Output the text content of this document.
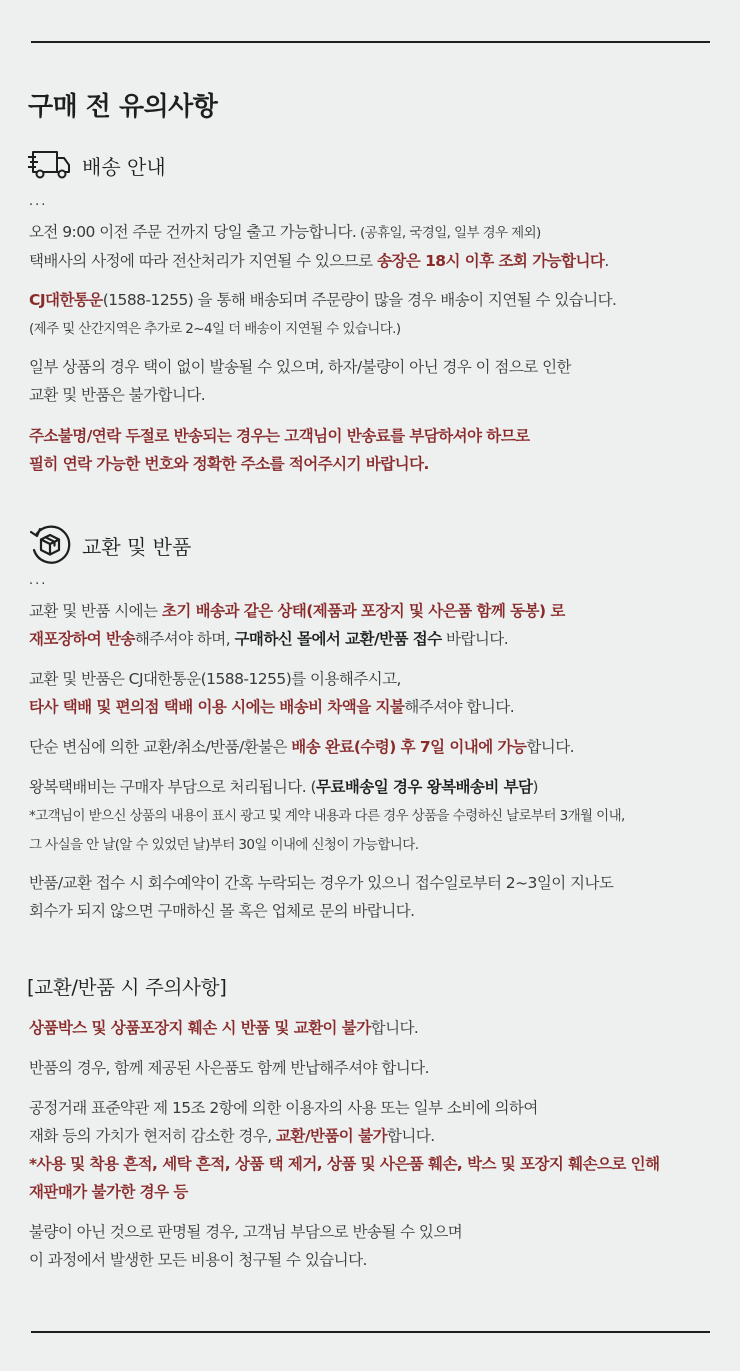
구매 전 유의사항
배송 안내
···

오전 9:00 이전 주문 건까지 당일 출고 가능합니다. (공휴일, 국경일, 일부 경우 제외)
택배사의 사정에 따라 전산처리가 지연될 수 있으므로 송장은 18시 이후 조회 가능합니다.

CJ대한통운(1588-1255) 을 통해 배송되며 주문량이 많을 경우 배송이 지연될 수 있습니다.
(제주 및 산간지역은 추가로 2~4일 더 배송이 지연될 수 있습니다.)

일부 상품의 경우 택이 없이 발송될 수 있으며, 하자/불량이 아닌 경우 이 점으로 인한
교환 및 반품은 불가합니다.

주소불명/연락 두절로 반송되는 경우는 고객님이 반송료를 부담하셔야 하므로
필히 연락 가능한 번호와 정확한 주소를 적어주시기 바랍니다.

교환 및 반품
···

교환 및 반품 시에는 초기 배송과 같은 상태(제품과 포장지 및 사은품 함께 동봉) 로
재포장하여 반송해주셔야 하며, 구매하신 몰에서 교환/반품 접수 바랍니다.

교환 및 반품은 CJ대한통운(1588-1255)를 이용해주시고,
타사 택배 및 편의점 택배 이용 시에는 배송비 차액을 지불해주셔야 합니다.

단순 변심에 의한 교환/취소/반품/환불은 배송 완료(수령) 후 7일 이내에 가능합니다.

왕복택배비는 구매자 부담으로 처리됩니다. (무료배송일 경우 왕복배송비 부담)
*고객님이 받으신 상품의 내용이 표시 광고 및 계약 내용과 다른 경우 상품을 수령하신 날로부터 3개월 이내,
그 사실을 안 날(알 수 있었던 날)부터 30일 이내에 신청이 가능합니다.

반품/교환 접수 시 회수예약이 간혹 누락되는 경우가 있으니 접수일로부터 2~3일이 지나도
회수가 되지 않으면 구매하신 몰 혹은 업체로 문의 바랍니다.

[교환/반품 시 주의사항]

상품박스 및 상품포장지 훼손 시 반품 및 교환이 불가합니다.

반품의 경우, 함께 제공된 사은품도 함께 반납해주셔야 합니다.

공정거래 표준약관 제 15조 2항에 의한 이용자의 사용 또는 일부 소비에 의하여
재화 등의 가치가 현저히 감소한 경우, 교환/반품이 불가합니다.
*사용 및 착용 흔적, 세탁 흔적, 상품 택 제거, 상품 및 사은품 훼손, 박스 및 포장지 훼손으로 인해
재판매가 불가한 경우 등

불량이 아닌 것으로 판명될 경우, 고객님 부담으로 반송될 수 있으며
이 과정에서 발생한 모든 비용이 청구될 수 있습니다.
